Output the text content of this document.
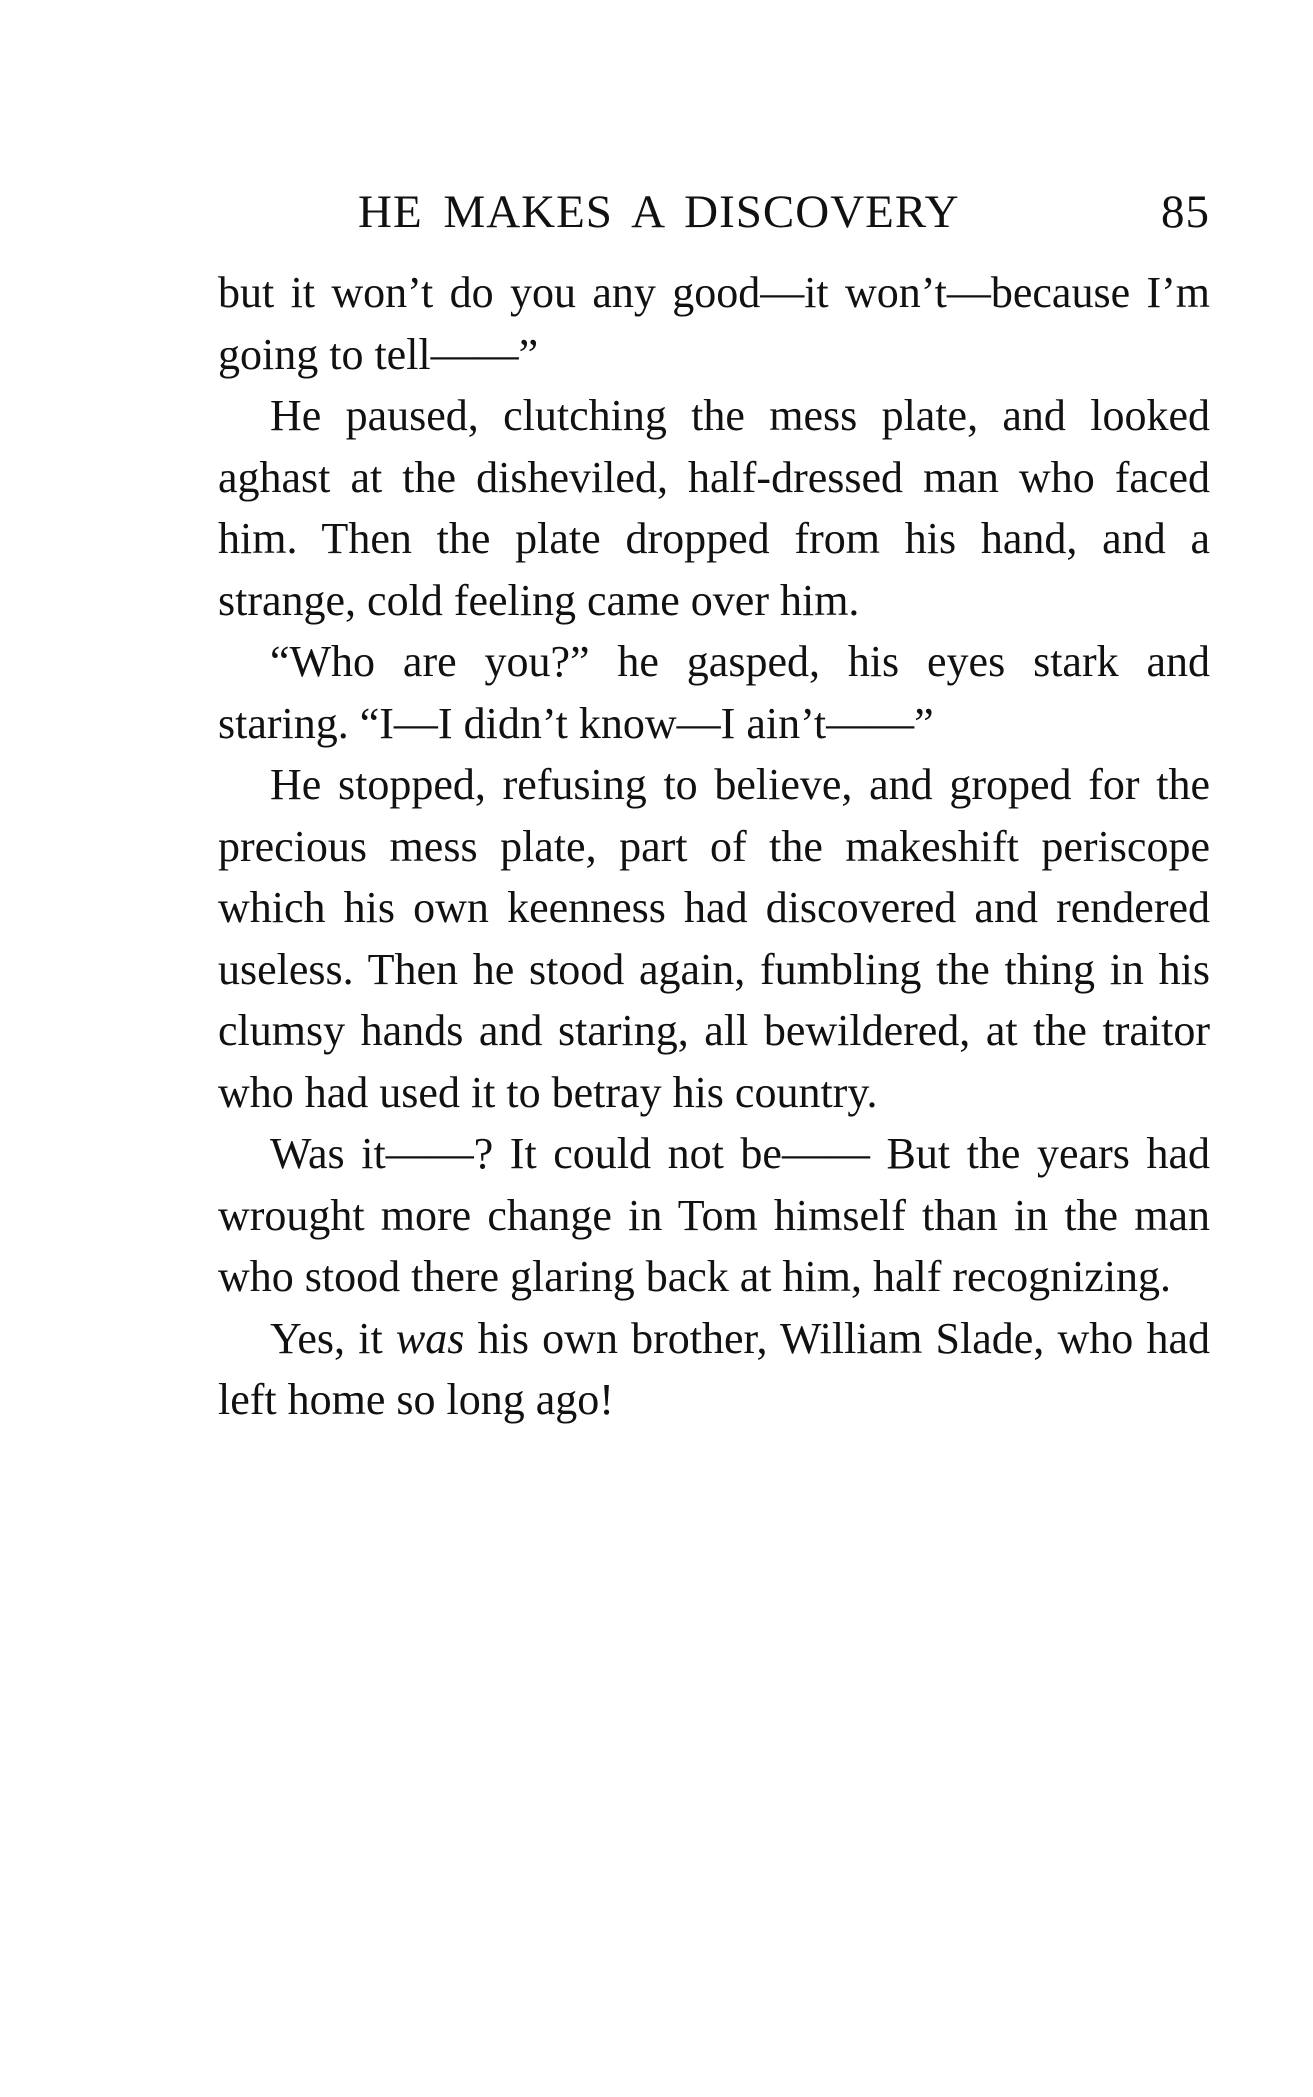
HE MAKES A DISCOVERY	85

but it won’t do you any good—it won’t—because I’m going to tell——”

He paused, clutching the mess plate, and looked aghast at the disheviled, half-dressed man who faced him. Then the plate dropped from his hand, and a strange, cold feeling came over him.

“Who are you?” he gasped, his eyes stark and staring. “I—I didn’t know—I ain’t——”

He stopped, refusing to believe, and groped for the precious mess plate, part of the makeshift periscope which his own keenness had discovered and rendered useless. Then he stood again, fumbling the thing in his clumsy hands and staring, all bewildered, at the traitor who had used it to betray his country.

Was it——? It could not be—— But the years had wrought more change in Tom himself than in the man who stood there glaring back at him, half recognizing.

Yes, it was his own brother, William Slade, who had left home so long ago!
